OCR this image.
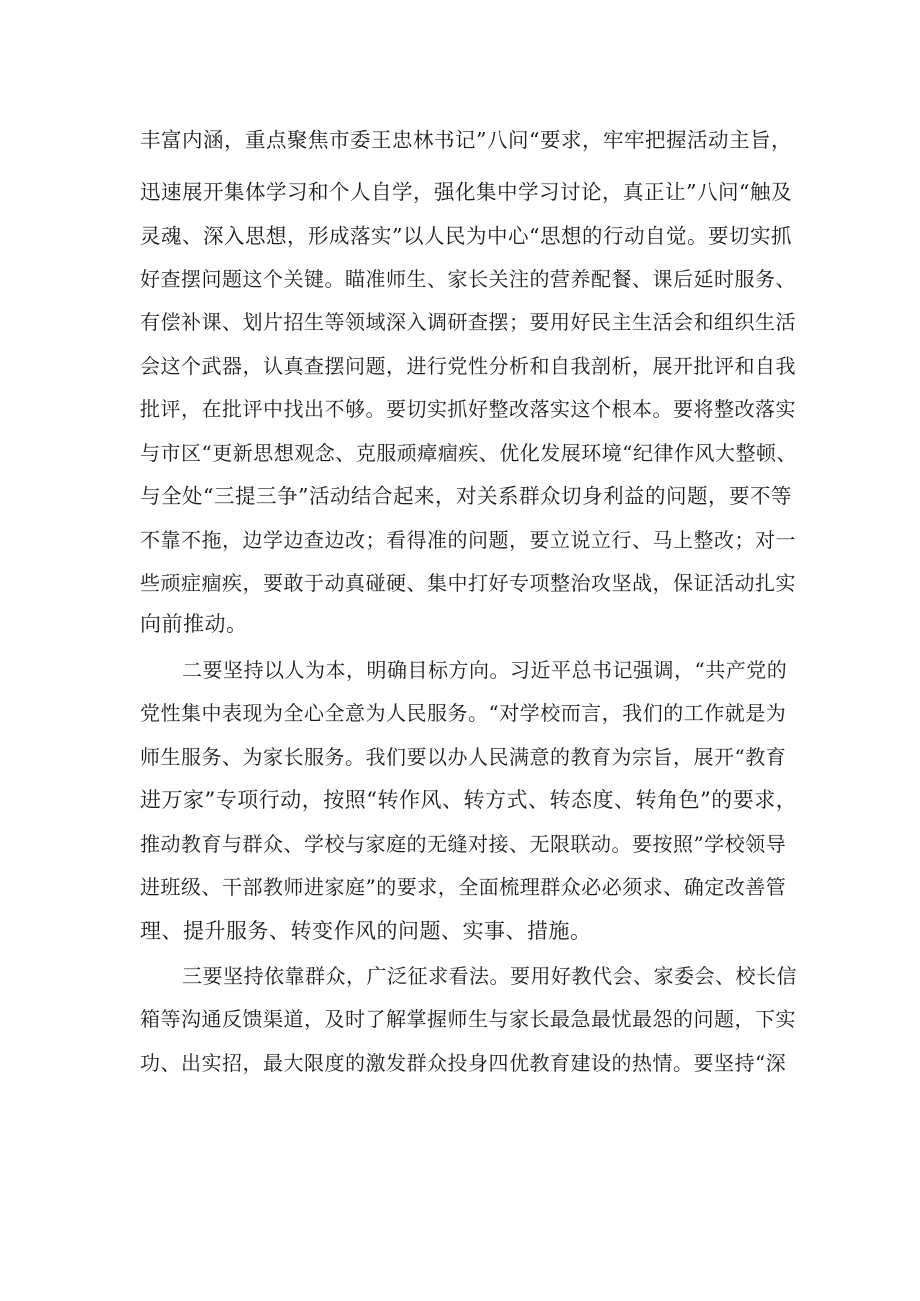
丰富内涵，重点聚焦市委王忠林书记”八问“要求，牢牢把握活动主旨，
迅速展开集体学习和个人自学，强化集中学习讨论，真正让”八问“触及
灵魂、深入思想，形成落实”以人民为中心“思想的行动自觉。要切实抓
好查摆问题这个关键。瞄准师生、家长关注的营养配餐、课后延时服务、
有偿补课、划片招生等领域深入调研查摆；要用好民主生活会和组织生活
会这个武器，认真查摆问题，进行党性分析和自我剖析，展开批评和自我
批评，在批评中找出不够。要切实抓好整改落实这个根本。要将整改落实
与市区“更新思想观念、克服顽瘴痼疾、优化发展环境“纪律作风大整顿、
与全处“三提三争”活动结合起来，对关系群众切身利益的问题，要不等
不靠不拖，边学边查边改；看得准的问题，要立说立行、马上整改；对一
些顽症痼疾，要敢于动真碰硬、集中打好专项整治攻坚战，保证活动扎实
向前推动。
二要坚持以人为本，明确目标方向。习近平总书记强调，“共产党的
党性集中表现为全心全意为人民服务。“对学校而言，我们的工作就是为
师生服务、为家长服务。我们要以办人民满意的教育为宗旨，展开“教育
进万家”专项行动，按照“转作风、转方式、转态度、转角色”的要求，
推动教育与群众、学校与家庭的无缝对接、无限联动。要按照”学校领导
进班级、干部教师进家庭”的要求，全面梳理群众必必须求、确定改善管
理、提升服务、转变作风的问题、实事、措施。
三要坚持依靠群众，广泛征求看法。要用好教代会、家委会、校长信
箱等沟通反馈渠道，及时了解掌握师生与家长最急最忧最怨的问题，下实
功、出实招，最大限度的激发群众投身四优教育建设的热情。要坚持“深
